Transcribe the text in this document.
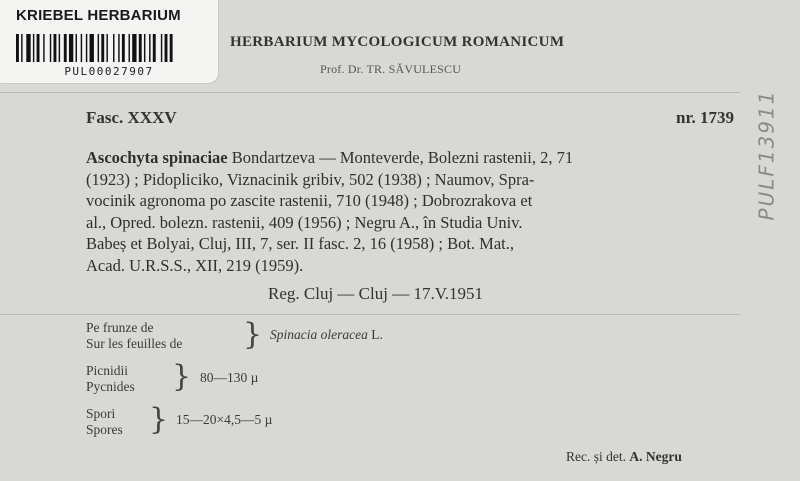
KRIEBEL HERBARIUM
PUL00027907
HERBARIUM MYCOLOGICUM ROMANICUM
Prof. Dr. TR. SĂVULESCU
Fasc. XXXV	nr. 1739
Ascochyta spinaciae Bondartzeva — Monteverde, Bolezni rastenii, 2, 71
(1923) ; Pidopliciko, Viznacinik gribiv, 502 (1938) ; Naumov, Spra-
vocinik agronoma po zascite rastenii, 710 (1948) ; Dobrozrakova et
al., Opred. bolezn. rastenii, 409 (1956) ; Negru A., în Studia Univ.
Babeș et Bolyai, Cluj, III, 7, ser. II fasc. 2, 16 (1958) ; Bot. Mat.,
Acad. U.R.S.S., XII, 219 (1959).
Reg. Cluj — Cluj — 17.V.1951
Pe frunze de
Sur les feuilles de } Spinacia oleracea L.
Picnidii
Pycnides } 80—130 µ
Spori
Spores } 15—20×4,5—5 µ
Rec. și det. A. Negru
PULF13911
